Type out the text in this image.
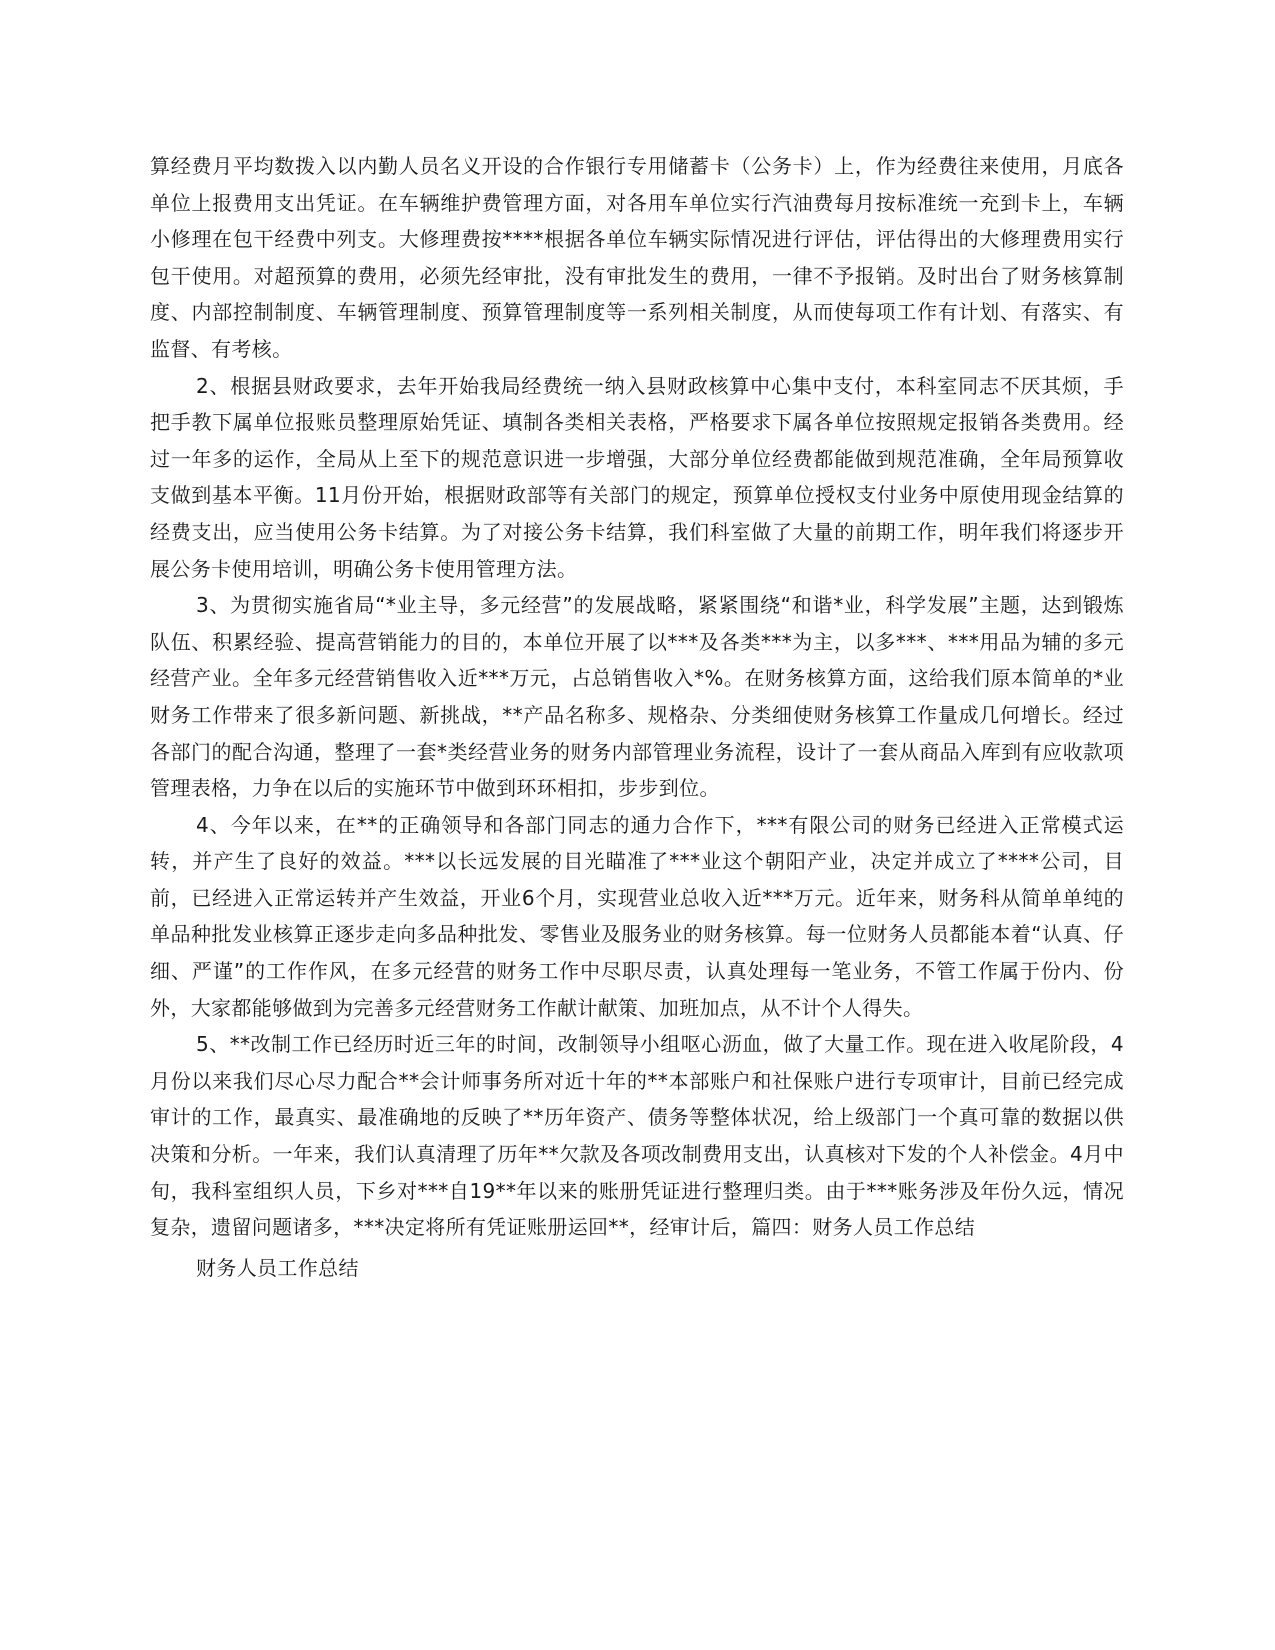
算经费月平均数拨入以内勤人员名义开设的合作银行专用储蓄卡（公务卡）上，作为经费往来使用，月底各单位上报费用支出凭证。在车辆维护费管理方面，对各用车单位实行汽油费每月按标准统一充到卡上，车辆小修理在包干经费中列支。大修理费按****根据各单位车辆实际情况进行评估，评估得出的大修理费用实行包干使用。对超预算的费用，必须先经审批，没有审批发生的费用，一律不予报销。及时出台了财务核算制度、内部控制制度、车辆管理制度、预算管理制度等一系列相关制度，从而使每项工作有计划、有落实、有监督、有考核。

2、根据县财政要求，去年开始我局经费统一纳入县财政核算中心集中支付，本科室同志不厌其烦，手把手教下属单位报账员整理原始凭证、填制各类相关表格，严格要求下属各单位按照规定报销各类费用。经过一年多的运作，全局从上至下的规范意识进一步增强，大部分单位经费都能做到规范准确，全年局预算收支做到基本平衡。11月份开始，根据财政部等有关部门的规定，预算单位授权支付业务中原使用现金结算的经费支出，应当使用公务卡结算。为了对接公务卡结算，我们科室做了大量的前期工作，明年我们将逐步开展公务卡使用培训，明确公务卡使用管理方法。

3、为贯彻实施省局“*业主导，多元经营”的发展战略，紧紧围绕“和谐*业，科学发展”主题，达到锻炼队伍、积累经验、提高营销能力的目的，本单位开展了以***及各类***为主，以多***、***用品为辅的多元经营产业。全年多元经营销售收入近***万元，占总销售收入*%。在财务核算方面，这给我们原本简单的*业财务工作带来了很多新问题、新挑战，**产品名称多、规格杂、分类细使财务核算工作量成几何增长。经过各部门的配合沟通，整理了一套*类经营业务的财务内部管理业务流程，设计了一套从商品入库到有应收款项管理表格，力争在以后的实施环节中做到环环相扣，步步到位。

4、今年以来，在**的正确领导和各部门同志的通力合作下，***有限公司的财务已经进入正常模式运转，并产生了良好的效益。***以长远发展的目光瞄准了***业这个朝阳产业，决定并成立了****公司，目前，已经进入正常运转并产生效益，开业6个月，实现营业总收入近***万元。近年来，财务科从简单单纯的单品种批发业核算正逐步走向多品种批发、零售业及服务业的财务核算。每一位财务人员都能本着“认真、仔细、严谨”的工作作风，在多元经营的财务工作中尽职尽责，认真处理每一笔业务，不管工作属于份内、份外，大家都能够做到为完善多元经营财务工作献计献策、加班加点，从不计个人得失。

5、**改制工作已经历时近三年的时间，改制领导小组呕心沥血，做了大量工作。现在进入收尾阶段，4月份以来我们尽心尽力配合**会计师事务所对近十年的**本部账户和社保账户进行专项审计，目前已经完成审计的工作，最真实、最准确地的反映了**历年资产、债务等整体状况，给上级部门一个真可靠的数据以供决策和分析。一年来，我们认真清理了历年**欠款及各项改制费用支出，认真核对下发的个人补偿金。4月中旬，我科室组织人员，下乡对***自19**年以来的账册凭证进行整理归类。由于***账务涉及年份久远，情况复杂，遗留问题诸多，***决定将所有凭证账册运回**，经审计后，篇四：财务人员工作总结

财务人员工作总结
